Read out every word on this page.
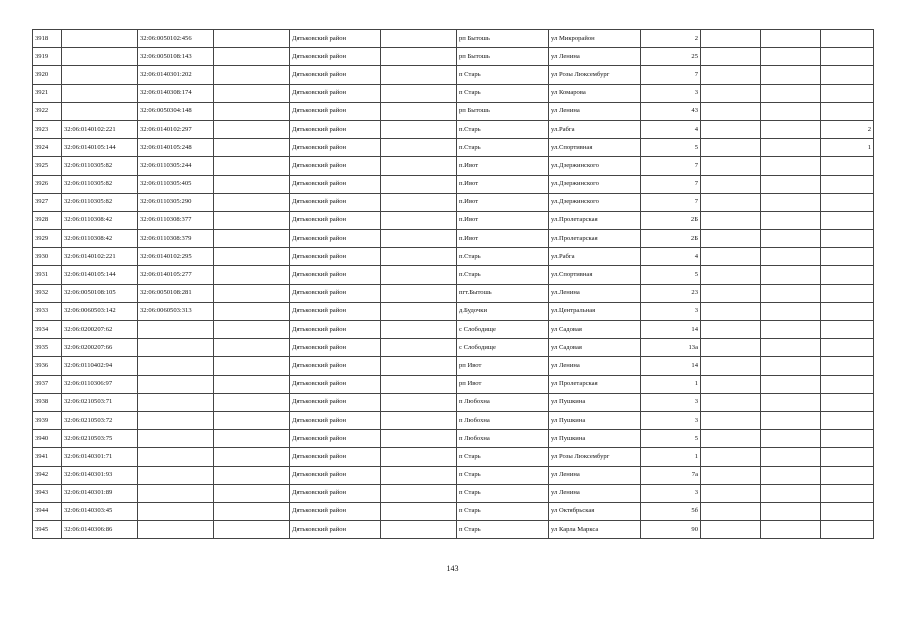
3918		32:06:0050102:456		Дятьковский район		рп Бытошь	ул Микрорайон	2			
3919		32:06:0050108:143		Дятьковский район		рп Бытошь	ул Ленина	25			
3920		32:06:0140301:202		Дятьковский район		п Старь	ул Розы Люксембург	7			
3921		32:06:0140308:174		Дятьковский район		п Старь	ул Комарова	3			
3922		32:06:0050304:148		Дятьковский район		рп Бытошь	ул Ленина	43			
3923	32:06:0140102:221	32:06:0140102:297		Дятьковский район		п.Старь	ул.Рабга	4			2
3924	32:06:0140105:144	32:06:0140105:248		Дятьковский район		п.Старь	ул.Спортивная	5			1
3925	32:06:0110305:82	32:06:0110305:244		Дятьковский район		п.Ивот	ул.Дзержинского	7			
3926	32:06:0110305:82	32:06:0110305:405		Дятьковский район		п.Ивот	ул.Дзержинского	7			
3927	32:06:0110305:82	32:06:0110305:290		Дятьковский район		п.Ивот	ул.Дзержинского	7			
3928	32:06:0110308:42	32:06:0110308:377		Дятьковский район		п.Ивот	ул.Пролетарская	2Б			
3929	32:06:0110308:42	32:06:0110308:379		Дятьковский район		п.Ивот	ул.Пролетарская	2Б			
3930	32:06:0140102:221	32:06:0140102:295		Дятьковский район		п.Старь	ул.Рабга	4			
3931	32:06:0140105:144	32:06:0140105:277		Дятьковский район		п.Старь	ул.Спортивная	5			
3932	32:06:0050108:105	32:06:0050108:281		Дятьковский район		пгт.Бытошь	ул.Ленина	23			
3933	32:06:0060503:142	32:06:0060503:313		Дятьковский район		д.Будочки	ул.Центральная	3			
3934	32:06:0200207:62			Дятьковский район		с Слободище	ул Садовая	14			
3935	32:06:0200207:66			Дятьковский район		с Слободище	ул Садовая	13а			
3936	32:06:0110402:94			Дятьковский район		рп Ивот	ул Ленина	14			
3937	32:06:0110306:97			Дятьковский район		рп Ивот	ул Пролетарская	1			
3938	32:06:0210503:71			Дятьковский район		п Любохна	ул Пушкина	3			
3939	32:06:0210503:72			Дятьковский район		п Любохна	ул Пушкина	3			
3940	32:06:0210503:75			Дятьковский район		п Любохна	ул Пушкина	5			
3941	32:06:0140301:71			Дятьковский район		п Старь	ул Розы Люксембург	1			
3942	32:06:0140301:93			Дятьковский район		п Старь	ул Ленина	7а			
3943	32:06:0140301:89			Дятьковский район		п Старь	ул Ленина	3			
3944	32:06:0140303:45			Дятьковский район		п Старь	ул Октябрьская	5б			
3945	32:06:0140306:86			Дятьковский район		п Старь	ул Карла Маркса	90			
143
